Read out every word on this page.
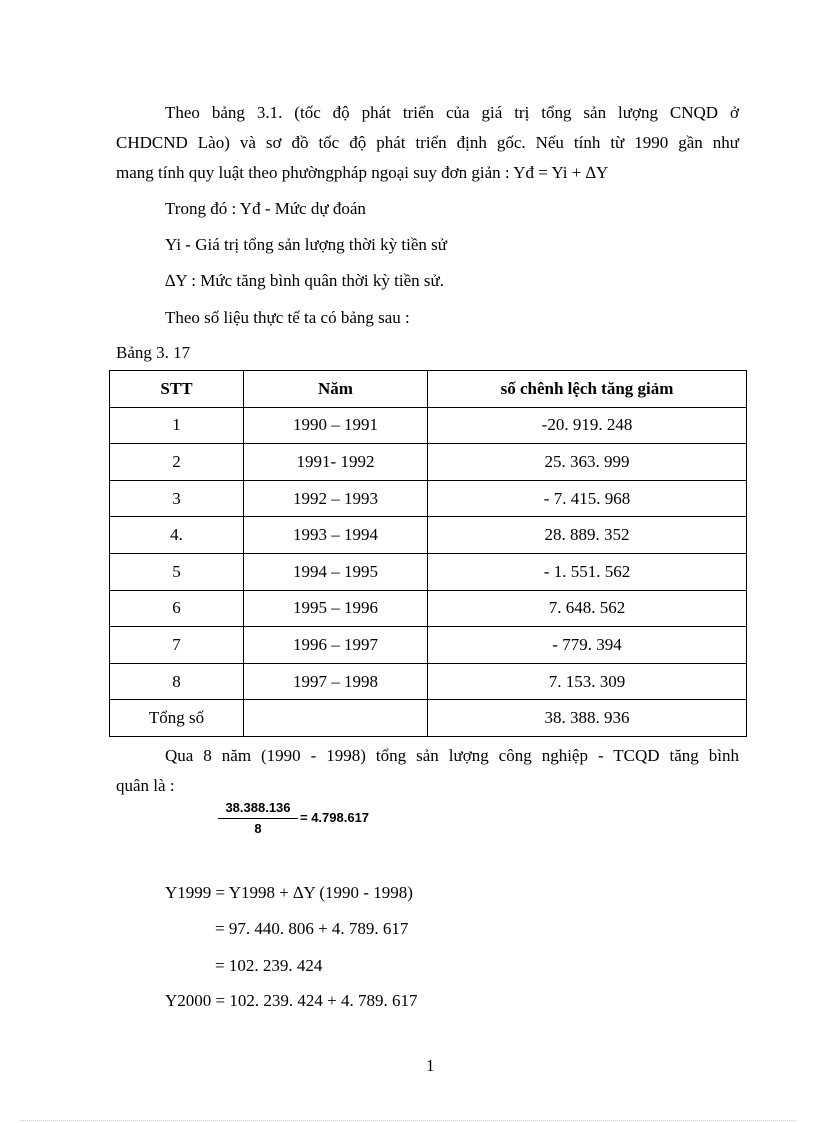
Theo bảng 3.1. (tốc độ phát triển của giá trị tổng sản lượng CNQD ở
CHDCND Lào) và sơ đồ tốc độ phát triển định gốc. Nếu tính từ 1990 gần như
mang tính quy luật theo phườngpháp ngoại suy đơn giản : Yđ = Yi + ∆Y
Trong đó : Yđ - Mức dự đoán
Yi - Giá trị tổng sản lượng thời kỳ tiền sử
∆Y : Mức tăng bình quân thời kỳ tiền sử.
Theo số liệu thực tế ta có bảng sau :
Bảng 3. 17
STT	Năm	số chênh lệch tăng giảm
1	1990 – 1991	-20. 919. 248
2	1991- 1992	25. 363. 999
3	1992 – 1993	- 7. 415. 968
4.	1993 – 1994	28. 889. 352
5	1994 – 1995	- 1. 551. 562
6	1995 – 1996	7. 648. 562
7	1996 – 1997	- 779. 394
8	1997 – 1998	7. 153. 309
Tổng số		38. 388. 936
Qua 8 năm (1990 - 1998) tổng sản lượng công nghiệp - TCQD tăng bình
quân là :
38.388.136
8
= 4.798.617
Y1999 = Y1998 + ∆Y (1990 - 1998)
= 97. 440. 806 + 4. 789. 617
= 102. 239. 424
Y2000 = 102. 239. 424 + 4. 789. 617
1
